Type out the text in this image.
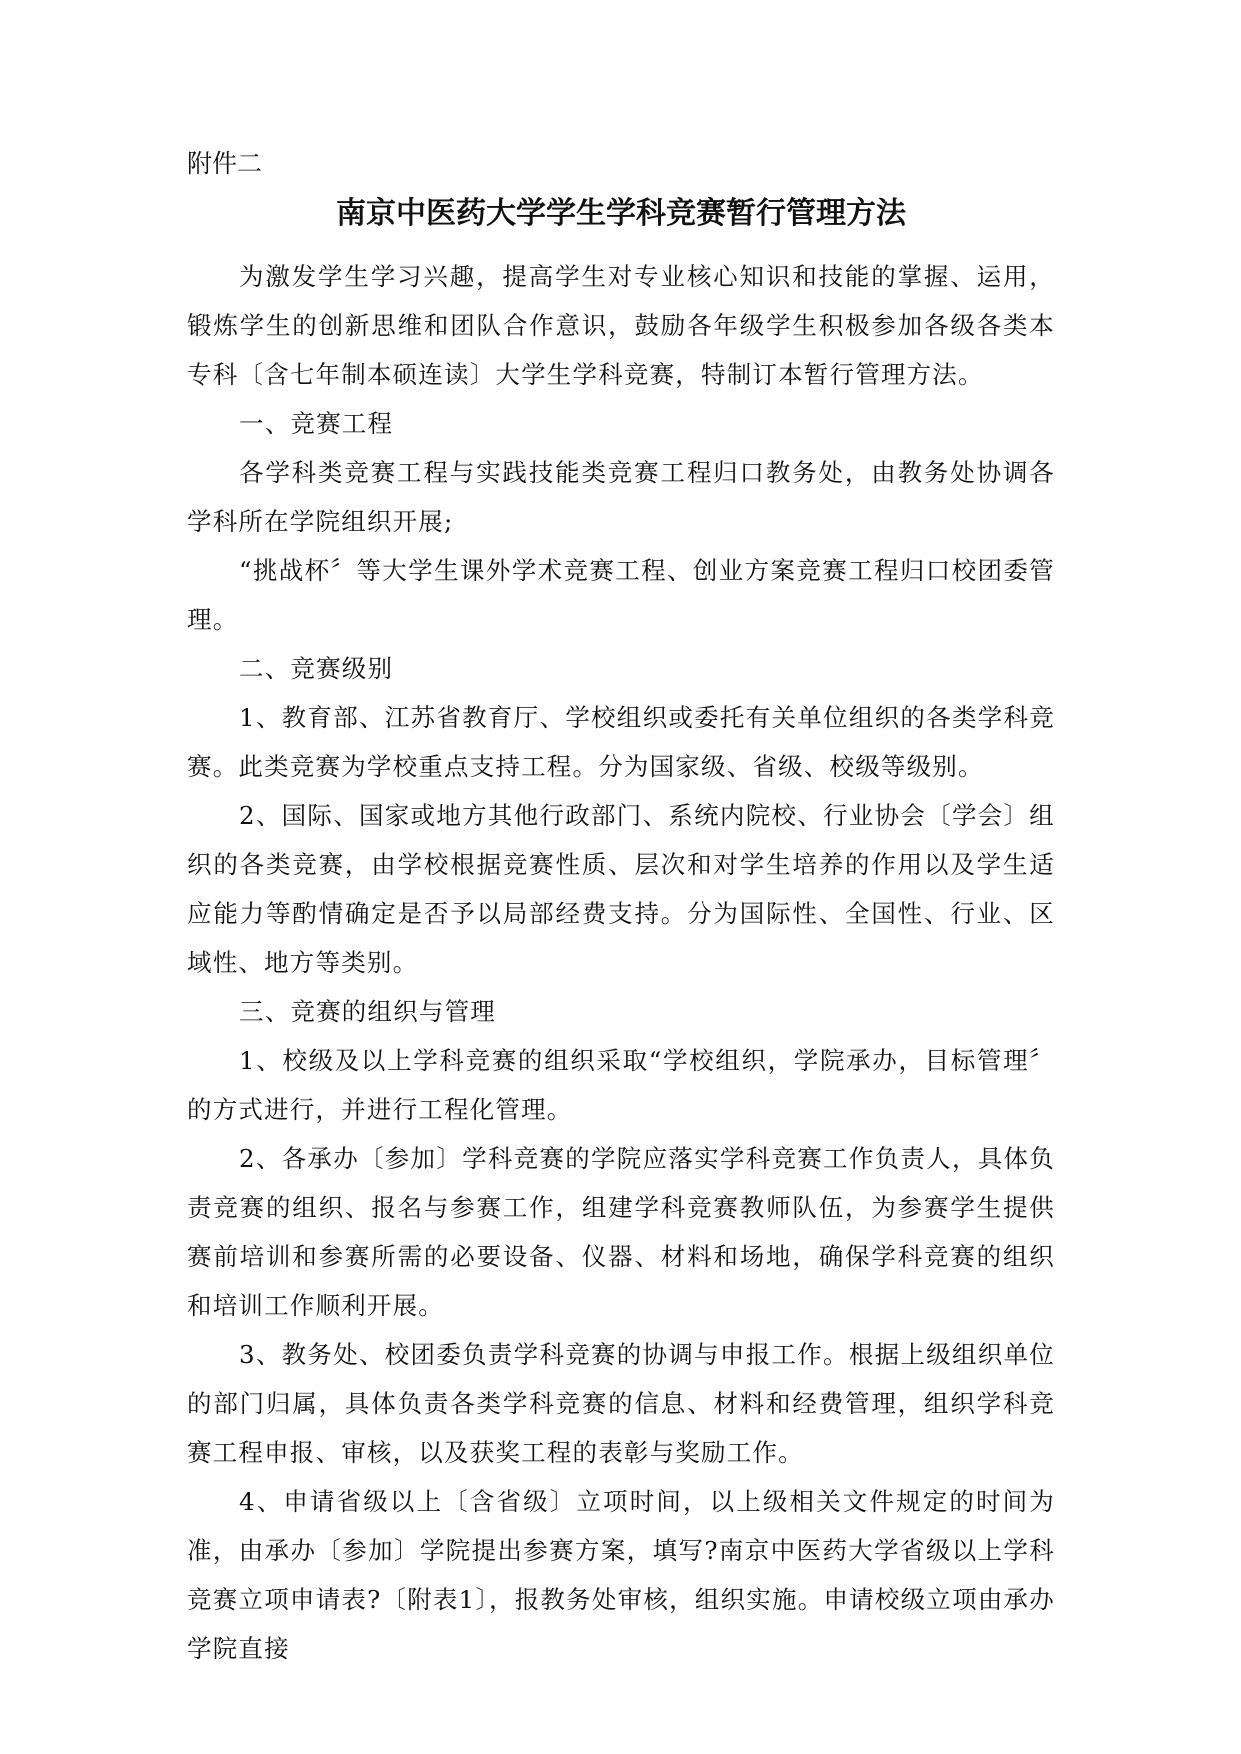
附件二
南京中医药大学学生学科竞赛暂行管理方法

为激发学生学习兴趣，提高学生对专业核心知识和技能的掌握、运用，锻炼学生的创新思维和团队合作意识，鼓励各年级学生积极参加各级各类本专科〔含七年制本硕连读〕大学生学科竞赛，特制订本暂行管理方法。

一、竞赛工程

各学科类竞赛工程与实践技能类竞赛工程归口教务处，由教务处协调各学科所在学院组织开展;

“挑战杯〞等大学生课外学术竞赛工程、创业方案竞赛工程归口校团委管理。

二、竞赛级别

1、教育部、江苏省教育厅、学校组织或委托有关单位组织的各类学科竞赛。此类竞赛为学校重点支持工程。分为国家级、省级、校级等级别。

2、国际、国家或地方其他行政部门、系统内院校、行业协会〔学会〕组织的各类竞赛，由学校根据竞赛性质、层次和对学生培养的作用以及学生适应能力等酌情确定是否予以局部经费支持。分为国际性、全国性、行业、区域性、地方等类别。

三、竞赛的组织与管理

1、校级及以上学科竞赛的组织采取“学校组织，学院承办，目标管理〞的方式进行，并进行工程化管理。

2、各承办〔参加〕学科竞赛的学院应落实学科竞赛工作负责人，具体负责竞赛的组织、报名与参赛工作，组建学科竞赛教师队伍，为参赛学生提供赛前培训和参赛所需的必要设备、仪器、材料和场地，确保学科竞赛的组织和培训工作顺利开展。

3、教务处、校团委负责学科竞赛的协调与申报工作。根据上级组织单位的部门归属，具体负责各类学科竞赛的信息、材料和经费管理，组织学科竞赛工程申报、审核，以及获奖工程的表彰与奖励工作。

4、申请省级以上〔含省级〕立项时间，以上级相关文件规定的时间为准，由承办〔参加〕学院提出参赛方案，填写?南京中医药大学省级以上学科竞赛立项申请表?〔附表1〕，报教务处审核，组织实施。申请校级立项由承办学院直接
